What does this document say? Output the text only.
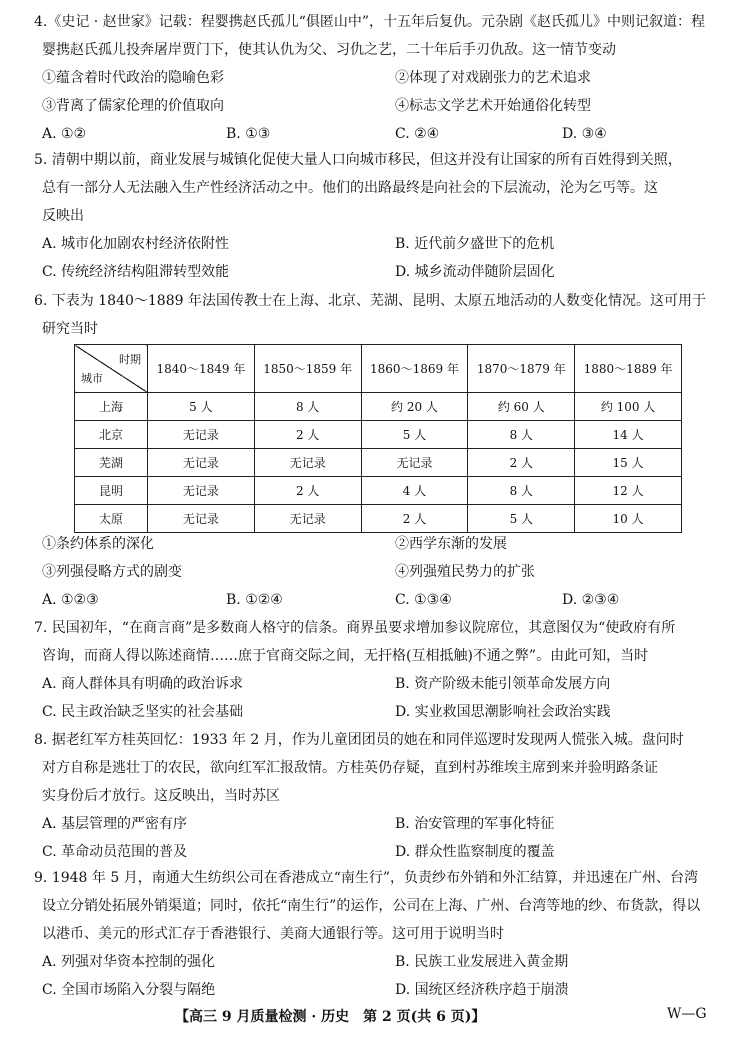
4.《史记 · 赵世家》记载：程婴携赵氏孤儿“俱匿山中”，十五年后复仇。元杂剧《赵氏孤儿》中则记叙道：程

婴携赵氏孤儿投奔屠岸贾门下，使其认仇为父、习仇之艺，二十年后手刃仇敌。这一情节变动

①蕴含着时代政治的隐喻色彩	②体现了对戏剧张力的艺术追求
③背离了儒家伦理的价值取向	④标志文学艺术开始通俗化转型
A. ①②	B. ①③	C. ②④	D. ③④

5. 清朝中期以前，商业发展与城镇化促使大量人口向城市移民，但这并没有让国家的所有百姓得到关照，

总有一部分人无法融入生产性经济活动之中。他们的出路最终是向社会的下层流动，沦为乞丐等。这

反映出

A. 城市化加剧农村经济依附性	B. 近代前夕盛世下的危机
C. 传统经济结构阻滞转型效能	D. 城乡流动伴随阶层固化

6. 下表为 1840～1889 年法国传教士在上海、北京、芜湖、昆明、太原五地活动的人数变化情况。这可用于

研究当时

时期
城市	1840～1849 年	1850～1859 年	1860～1869 年	1870～1879 年	1880～1889 年
上海	5 人	8 人	约 20 人	约 60 人	约 100 人
北京	无记录	2 人	5 人	8 人	14 人
芜湖	无记录	无记录	无记录	2 人	15 人
昆明	无记录	2 人	4 人	8 人	12 人
太原	无记录	无记录	2 人	5 人	10 人
①条约体系的深化	②西学东渐的发展
③列强侵略方式的剧变	④列强殖民势力的扩张
A. ①②③	B. ①②④	C. ①③④	D. ②③④

7. 民国初年，“在商言商”是多数商人格守的信条。商界虽要求增加参议院席位，其意图仅为“使政府有所

咨询，而商人得以陈述商情……庶于官商交际之间，无扞格(互相抵触)不通之弊”。由此可知，当时

A. 商人群体具有明确的政治诉求	B. 资产阶级未能引领革命发展方向
C. 民主政治缺乏坚实的社会基础	D. 实业救国思潮影响社会政治实践

8. 据老红军方桂英回忆：1933 年 2 月，作为儿童团团员的她在和同伴巡逻时发现两人慌张入城。盘问时

对方自称是逃壮丁的农民，欲向红军汇报敌情。方桂英仍存疑，直到村苏维埃主席到来并验明路条证

实身份后才放行。这反映出，当时苏区

A. 基层管理的严密有序	B. 治安管理的军事化特征
C. 革命动员范围的普及	D. 群众性监察制度的覆盖

9. 1948 年 5 月，南通大生纺织公司在香港成立“南生行”，负责纱布外销和外汇结算，并迅速在广州、台湾

设立分销处拓展外销渠道；同时，依托“南生行”的运作，公司在上海、广州、台湾等地的纱、布货款，得以

以港币、美元的形式汇存于香港银行、美商大通银行等。这可用于说明当时

A. 列强对华资本控制的强化	B. 民族工业发展进入黄金期
C. 全国市场陷入分裂与隔绝	D. 国统区经济秩序趋于崩溃
【高三 9 月质量检测 · 历史　第 2 页(共 6 页)】	W—G
